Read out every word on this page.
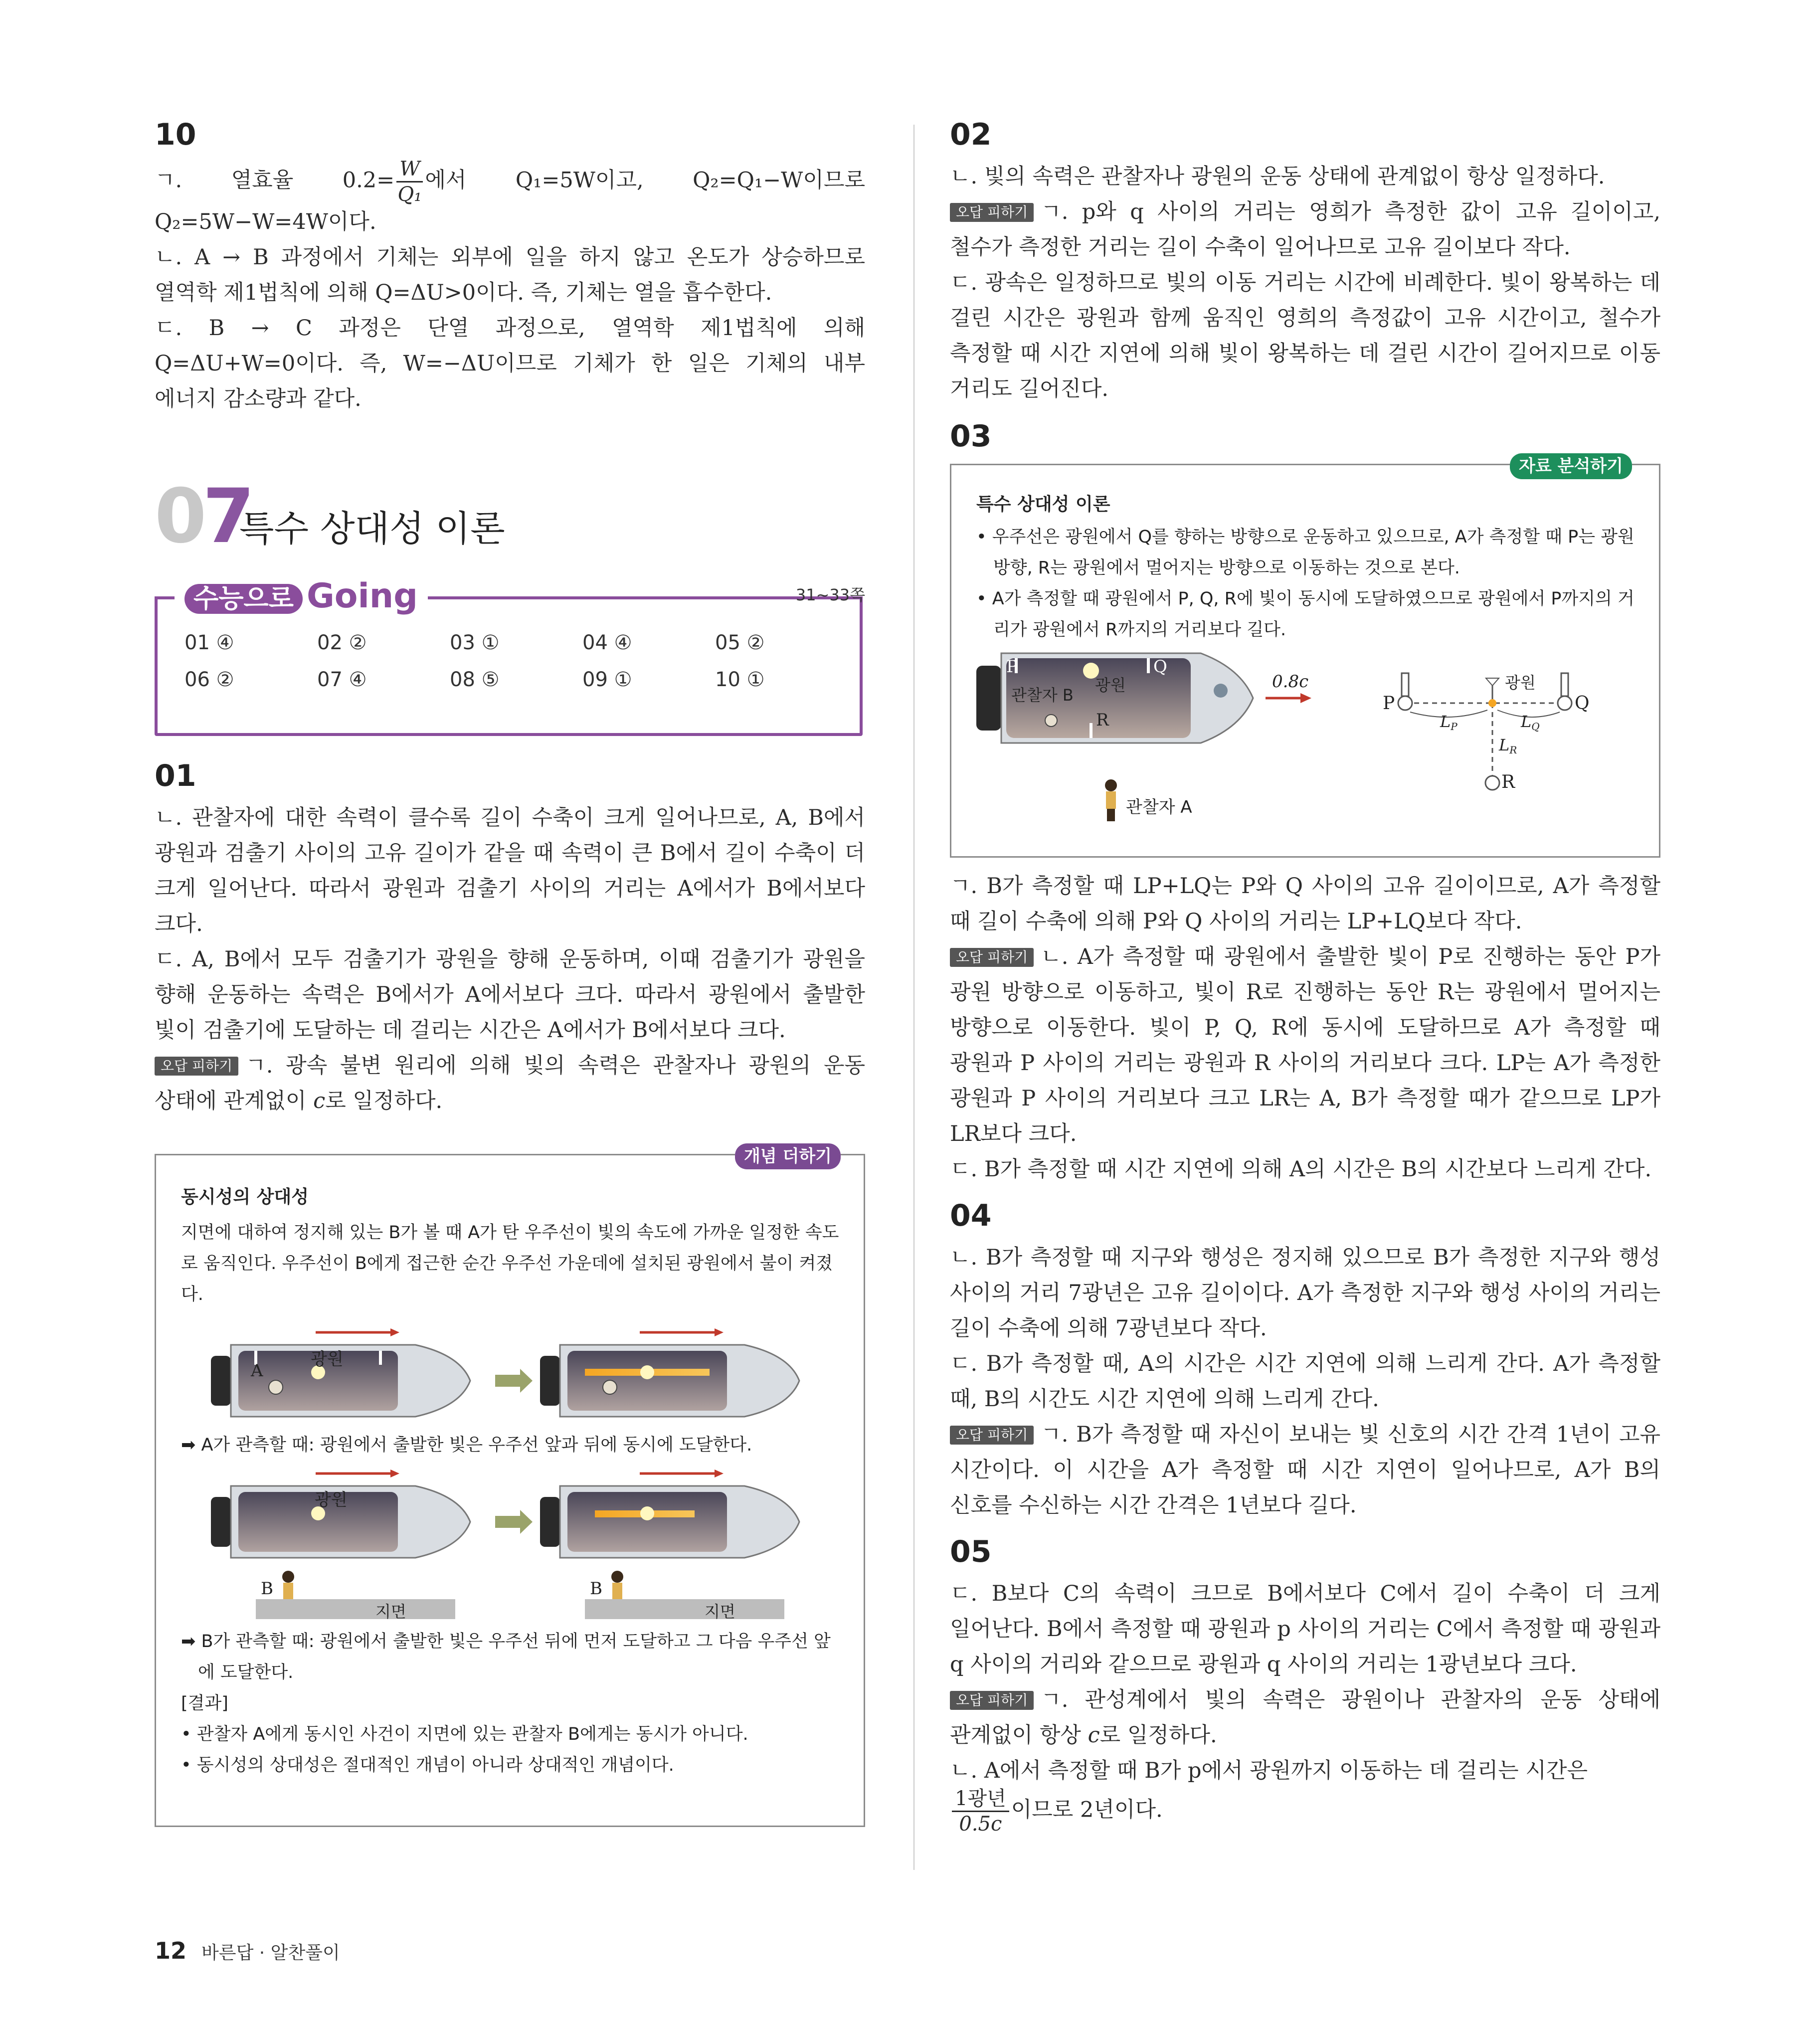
10

ㄱ. 열효율 $0.2= \frac{W}{\text{Q₁}}$ 에서 Q₁=5W이고, Q₂=Q₁−W이므로 Q₂=5W−W=4W이다.

ㄴ. A → B 과정에서 기체는 외부에 일을 하지 않고 온도가 상승하므로 열역학 제1법칙에 의해 Q=ΔU>0이다. 즉, 기체는 열을 흡수한다.

ㄷ. B → C 과정은 단열 과정으로, 열역학 제1법칙에 의해 Q=ΔU+W=0이다. 즉, W=−ΔU이므로 기체가 한 일은 기체의 내부 에너지 감소량과 같다.

07
특수 상대성 이론
수능으로 Going	31~33쪽
01 ④	02 ②	03 ①	04 ④	05 ②
06 ②	07 ④	08 ⑤	09 ①	10 ①
01

ㄴ. 관찰자에 대한 속력이 클수록 길이 수축이 크게 일어나므로, A, B에서 광원과 검출기 사이의 고유 길이가 같을 때 속력이 큰 B에서 길이 수축이 더 크게 일어난다. 따라서 광원과 검출기 사이의 거리는 A에서가 B에서보다 크다.

ㄷ. A, B에서 모두 검출기가 광원을 향해 운동하며, 이때 검출기가 광원을 향해 운동하는 속력은 B에서가 A에서보다 크다. 따라서 광원에서 출발한 빛이 검출기에 도달하는 데 걸리는 시간은 A에서가 B에서보다 크다.

오답 피하기 ㄱ. 광속 불변 원리에 의해 빛의 속력은 관찰자나 광원의 운동 상태에 관계없이 c로 일정하다.

개념 더하기
동시성의 상대성

지면에 대하여 정지해 있는 B가 볼 때 A가 탄 우주선이 빛의 속도에 가까운 일정한 속도로 움직인다. 우주선이 B에게 접근한 순간 우주선 가운데에 설치된 광원에서 불이 켜졌다.

A
광원
➡ A가 관측할 때: 광원에서 출발한 빛은 우주선 앞과 뒤에 동시에 도달한다.
광원
B
지면
B
지면

➡ B가 관측할 때: 광원에서 출발한 빛은 우주선 뒤에 먼저 도달하고 그 다음 우주선 앞에 도달한다.

[결과]

• 관찰자 A에게 동시인 사건이 지면에 있는 관찰자 B에게는 동시가 아니다.

• 동시성의 상대성은 절대적인 개념이 아니라 상대적인 개념이다.

02

ㄴ. 빛의 속력은 관찰자나 광원의 운동 상태에 관계없이 항상 일정하다.

오답 피하기 ㄱ. p와 q 사이의 거리는 영희가 측정한 값이 고유 길이이고, 철수가 측정한 거리는 길이 수축이 일어나므로 고유 길이보다 작다.

ㄷ. 광속은 일정하므로 빛의 이동 거리는 시간에 비례한다. 빛이 왕복하는 데 걸린 시간은 광원과 함께 움직인 영희의 측정값이 고유 시간이고, 철수가 측정할 때 시간 지연에 의해 빛이 왕복하는 데 걸린 시간이 길어지므로 이동 거리도 길어진다.

03
자료 분석하기
특수 상대성 이론

• 우주선은 광원에서 Q를 향하는 방향으로 운동하고 있으므로, A가 측정할 때 P는 광원 방향, R는 광원에서 멀어지는 방향으로 이동하는 것으로 본다.

• A가 측정할 때 광원에서 P, Q, R에 빛이 동시에 도달하였으므로 광원에서 P까지의 거리가 광원에서 R까지의 거리보다 길다.

P	Q
R
광원
관찰자 B
0.8c
관찰자 A
P	Q
R
광원
LP	LQ
LR

ㄱ. B가 측정할 때 LP+LQ는 P와 Q 사이의 고유 길이이므로, A가 측정할 때 길이 수축에 의해 P와 Q 사이의 거리는 LP+LQ보다 작다.

오답 피하기 ㄴ. A가 측정할 때 광원에서 출발한 빛이 P로 진행하는 동안 P가 광원 방향으로 이동하고, 빛이 R로 진행하는 동안 R는 광원에서 멀어지는 방향으로 이동한다. 빛이 P, Q, R에 동시에 도달하므로 A가 측정할 때 광원과 P 사이의 거리는 광원과 R 사이의 거리보다 크다. LP는 A가 측정한 광원과 P 사이의 거리보다 크고 LR는 A, B가 측정할 때가 같으므로 LP가 LR보다 크다.

ㄷ. B가 측정할 때 시간 지연에 의해 A의 시간은 B의 시간보다 느리게 간다.

04

ㄴ. B가 측정할 때 지구와 행성은 정지해 있으므로 B가 측정한 지구와 행성 사이의 거리 7광년은 고유 길이이다. A가 측정한 지구와 행성 사이의 거리는 길이 수축에 의해 7광년보다 작다.

ㄷ. B가 측정할 때, A의 시간은 시간 지연에 의해 느리게 간다. A가 측정할 때, B의 시간도 시간 지연에 의해 느리게 간다.

오답 피하기 ㄱ. B가 측정할 때 자신이 보내는 빛 신호의 시간 간격 1년이 고유 시간이다. 이 시간을 A가 측정할 때 시간 지연이 일어나므로, A가 B의 신호를 수신하는 시간 간격은 1년보다 길다.

05

ㄷ. B보다 C의 속력이 크므로 B에서보다 C에서 길이 수축이 더 크게 일어난다. B에서 측정할 때 광원과 p 사이의 거리는 C에서 측정할 때 광원과 q 사이의 거리와 같으므로 광원과 q 사이의 거리는 1광년보다 크다.

오답 피하기 ㄱ. 관성계에서 빛의 속력은 광원이나 관찰자의 운동 상태에 관계없이 항상 c로 일정하다.

ㄴ. A에서 측정할 때 B가 p에서 광원까지 이동하는 데 걸리는 시간은

$\frac{\text{1광년}}{0.5c}$ 이므로 2년이다.

12 바른답 · 알찬풀이
